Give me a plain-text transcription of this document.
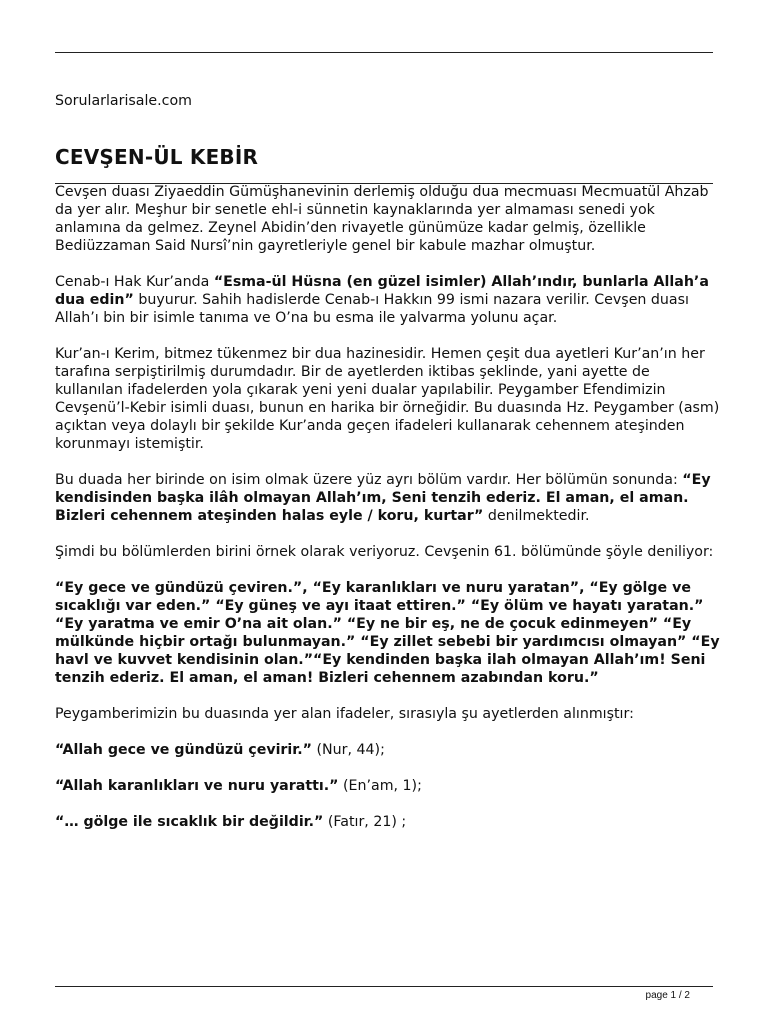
Sorularlarisale.com
CEVŞEN-ÜL KEBİR

Cevşen duası Ziyaeddin Gümüşhanevinin derlemiş olduğu dua mecmuası Mecmuatül Ahzab da yer alır. Meşhur bir senetle ehl-i sünnetin kaynaklarında yer almaması senedi yok anlamına da gelmez. Zeynel Abidin’den rivayetle günümüze kadar gelmiş, özellikle Bediüzzaman Said Nursî’nin gayretleriyle genel bir kabule mazhar olmuştur.

Cenab-ı Hak Kur’anda “Esma-ül Hüsna (en güzel isimler) Allah’ındır, bunlarla Allah’a dua edin” buyurur. Sahih hadislerde Cenab-ı Hakkın 99 ismi nazara verilir. Cevşen duası Allah’ı bin bir isimle tanıma ve O’na bu esma ile yalvarma yolunu açar.

Kur’an-ı Kerim, bitmez tükenmez bir dua hazinesidir. Hemen çeşit dua ayetleri Kur’an’ın her tarafına serpiştirilmiş durumdadır. Bir de ayetlerden iktibas şeklinde, yani ayette de kullanılan ifadelerden yola çıkarak yeni yeni dualar yapılabilir. Peygamber Efendimizin Cevşenü’l-Kebir isimli duası, bunun en harika bir örneğidir. Bu duasında Hz. Peygamber (asm) açıktan veya dolaylı bir şekilde Kur’anda geçen ifadeleri kullanarak cehennem ateşinden korunmayı istemiştir.

Bu duada her birinde on isim olmak üzere yüz ayrı bölüm vardır. Her bölümün sonunda: “Ey kendisinden başka ilâh olmayan Allah’ım, Seni tenzih ederiz. El aman, el aman. Bizleri cehennem ateşinden halas eyle / koru, kurtar” denilmektedir.

Şimdi bu bölümlerden birini örnek olarak veriyoruz. Cevşenin 61. bölümünde şöyle deniliyor:

“Ey gece ve gündüzü çeviren.”, “Ey karanlıkları ve nuru yaratan”, “Ey gölge ve sıcaklığı var eden.” “Ey güneş ve ayı itaat ettiren.” “Ey ölüm ve hayatı yaratan.” “Ey yaratma ve emir O’na ait olan.” “Ey ne bir eş, ne de çocuk edinmeyen” “Ey mülkünde hiçbir ortağı bulunmayan.” “Ey zillet sebebi bir yardımcısı olmayan” “Ey havl ve kuvvet kendisinin olan.”“Ey kendinden başka ilah olmayan Allah’ım! Seni tenzih ederiz. El aman, el aman! Bizleri cehennem azabından koru.”

Peygamberimizin bu duasında yer alan ifadeler, sırasıyla şu ayetlerden alınmıştır:

“Allah gece ve gündüzü çevirir.” (Nur, 44);

“Allah karanlıkları ve nuru yarattı.” (En’am, 1);

“… gölge ile sıcaklık bir değildir.” (Fatır, 21) ;

page 1 / 2
